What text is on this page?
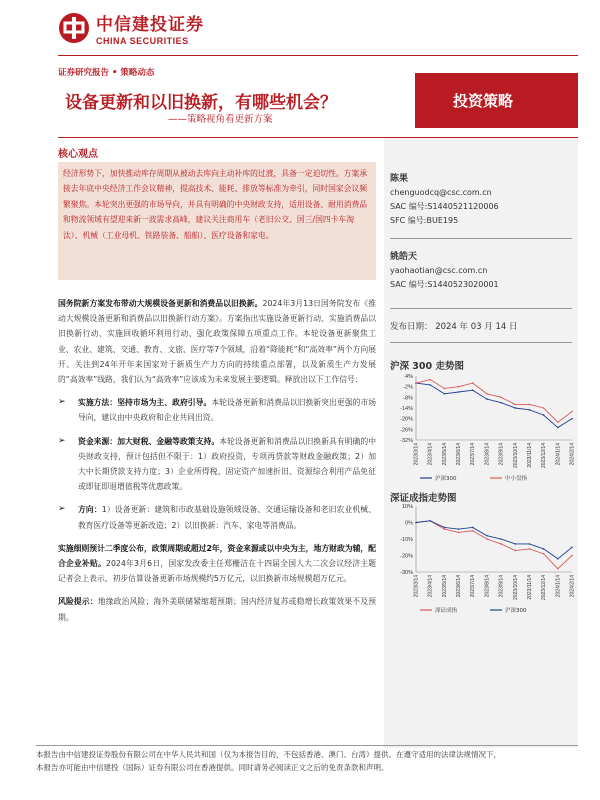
中信建投证券
CHINA SECURITIES
证券研究报告 • 策略动态
设备更新和以旧换新，有哪些机会？
——策略视角看更新方案
投资策略
核心观点

经济形势下，加快推动库存周期从被动去库向主动补库的过渡，具备一定迫切性。方案承接去年底中央经济工作会议精神，提高技术、能耗、排放等标准为牵引，同时国家会议频繁聚焦。本轮突出更强的市场导向，并具有明确的中央财政支持，适用设备、耐用消费品和物流领域有望迎来新一波需求高峰，建议关注商用车（老旧公交、国三/国四卡车淘汰）、机械（工业母机、铁路装备、船舶）、医疗设备和家电。

国务院新方案发布带动大规模设备更新和消费品以旧换新。2024年3月13日国务院发布《推动大规模设备更新和消费品以旧换新行动方案》。方案指出实施设备更新行动、实施消费品以旧换新行动、实施回收循环利用行动、强化政策保障五项重点工作。本轮设备更新聚焦工业、农业、建筑、交通、教育、文旅、医疗等7个领域，沿着“降能耗”和“高效率”两个方向展开。关注到24年开年来国家对于新质生产力方向的持续重点部署，以及新质生产力发展的“高效率”线路，我们认为“高效率”应该成为未来发展主要逻辑。释放出以下工作信号：

➢ 实施方法：坚持市场为主、政府引导。本轮设备更新和消费品以旧换新突出更强的市场导向，建议由中央政府和企业共同出资。
➢ 资金来源：加大财税、金融等政策支持。本轮设备更新和消费品以旧换新具有明确的中央财政支持，预计包括但不限于：1）政府投资，专项再贷款等财政金融政策；2）加大中长期贷款支持力度；3）企业所得税、固定资产加速折旧、资源综合利用产品免征或即征即退增值税等优惠政策。
➢ 方向：1）设备更新：建筑和市政基础设施领域设备、交通运输设备和老旧农业机械、教育医疗设备等更新改造；2）以旧换新：汽车、家电等消费品。

实施细则预计二季度公布，政策周期或超过2年，资金来源或以中央为主，地方财政为辅，配合企业补贴。2024年3月6日，国家发改委主任郑栅洁在十四届全国人大二次会议经济主题记者会上表示，初步估算设备更新市场规模约5万亿元，以旧换新市场规模超万亿元。

风险提示：地缘政治风险；海外美联储紧缩超预期；国内经济复苏或稳增长政策效果不及预期。

陈果
chenguodcq@csc.com.cn
SAC 编号:S1440521120006
SFC 编号:BUE195
姚皓天
yaohaotian@csc.com.cn
SAC 编号:S1440523020001
发布日期： 2024 年 03 月 14 日
沪深 300 走势图
4%
-2%
-8%
-14%
-20%
-26%
-32%
2023/3/14 2023/4/14 2023/5/14 2023/6/14 2023/7/14 2023/8/14 2023/9/14 2023/10/14 2023/11/14 2023/12/14 2024/1/14 2024/2/14
沪深300	中小盘指
深证成指走势图
10%
0%
-10%
-20%
-30%
2023/3/14 2023/4/14 2023/5/14 2023/6/14 2023/7/14 2023/8/14 2023/9/14 2023/10/14 2023/11/14 2023/12/14 2024/1/14 2024/2/14
深证成指	沪深300

本报告由中信建投证券股份有限公司在中华人民共和国（仅为本报告目的，不包括香港、澳门、台湾）提供。在遵守适用的法律法规情况下，

本报告亦可能由中信建投（国际）证券有限公司在香港提供。同时请务必阅读正文之后的免责条款和声明。
